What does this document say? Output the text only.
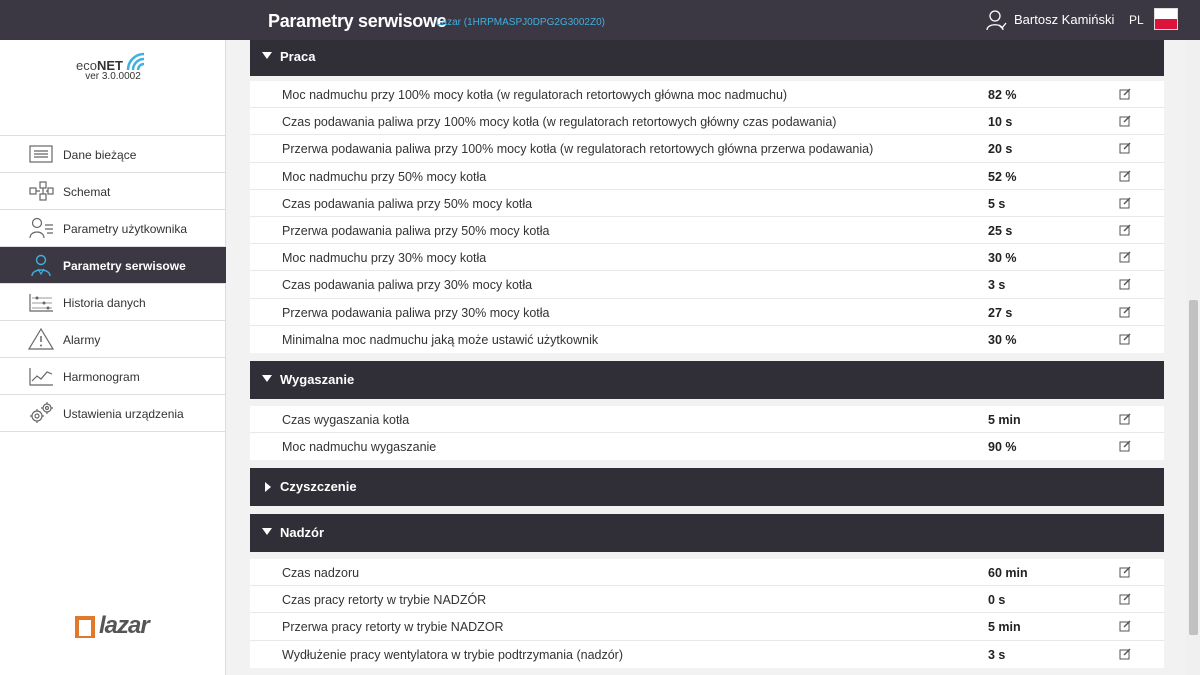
Parametry serwisowe
Lazar (1HRPMASPJ0DPG2G3002Z0)	Bartosz Kamiński PL
ecoNET
ver 3.0.0002
Dane bieżące
Schemat
Parametry użytkownika
Parametry serwisowe
Historia danych
Alarmy
Harmonogram
Ustawienia urządzenia
lazar
Praca
Moc nadmuchu przy 100% mocy kotła (w regulatorach retortowych główna moc nadmuchu)	82 %
Czas podawania paliwa przy 100% mocy kotła (w regulatorach retortowych główny czas podawania)	10 s
Przerwa podawania paliwa przy 100% mocy kotła (w regulatorach retortowych główna przerwa podawania)	20 s
Moc nadmuchu przy 50% mocy kotła	52 %
Czas podawania paliwa przy 50% mocy kotła	5 s
Przerwa podawania paliwa przy 50% mocy kotła	25 s
Moc nadmuchu przy 30% mocy kotła	30 %
Czas podawania paliwa przy 30% mocy kotła	3 s
Przerwa podawania paliwa przy 30% mocy kotła	27 s
Minimalna moc nadmuchu jaką może ustawić użytkownik	30 %
Wygaszanie
Czas wygaszania kotła	5 min
Moc nadmuchu wygaszanie	90 %
Czyszczenie
Nadzór
Czas nadzoru	60 min
Czas pracy retorty w trybie NADZÓR	0 s
Przerwa pracy retorty w trybie NADZOR	5 min
Wydłużenie pracy wentylatora w trybie podtrzymania (nadzór)	3 s
